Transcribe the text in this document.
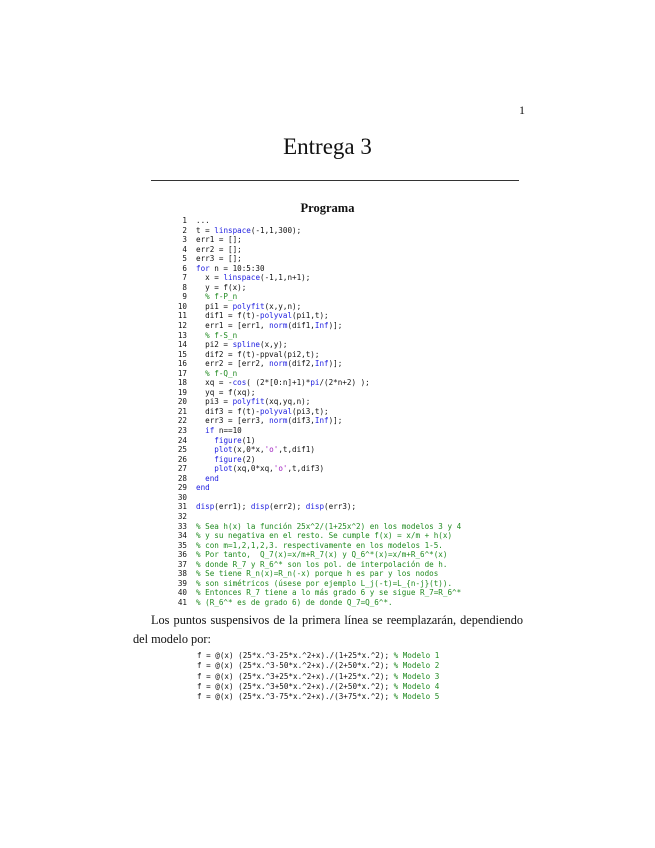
1
Entrega 3
Programa
1 ...
2 t = linspace(-1,1,300);
3 err1 = [];
4 err2 = [];
5 err3 = [];
6 for n = 10:5:30
7  x = linspace(-1,1,n+1);
8  y = f(x);
9  % f-P_n
10  pi1 = polyfit(x,y,n);
11  dif1 = f(t)-polyval(pi1,t);
12  err1 = [err1, norm(dif1,Inf)];
13  % f-S_n
14  pi2 = spline(x,y);
15  dif2 = f(t)-ppval(pi2,t);
16  err2 = [err2, norm(dif2,Inf)];
17  % f-Q_n
18  xq = -cos( (2*[0:n]+1)*pi/(2*n+2) );
19  yq = f(xq);
20  pi3 = polyfit(xq,yq,n);
21  dif3 = f(t)-polyval(pi3,t);
22  err3 = [err3, norm(dif3,Inf)];
23 if n==10
24	figure(1)
25	plot(x,0*x,'o',t,dif1)
26	figure(2)
27	plot(xq,0*xq,'o',t,dif3)
28 end
29 end
30
31 disp(err1); disp(err2); disp(err3);
32
33 % Sea h(x) la función 25x^2/(1+25x^2) en los modelos 3 y 4
34 % y su negativa en el resto. Se cumple f(x) = x/m + h(x)
35 % con m=1,2,1,2,3. respectivamente en los modelos 1-5.
36 % Por tanto,  Q_7(x)=x/m+R_7(x) y Q_6^*(x)=x/m+R_6^*(x)
37 % donde R_7 y R_6^* son los pol. de interpolación de h.
38 % Se tiene R_n(x)=R_n(-x) porque h es par y los nodos
39 % son simétricos (úsese por ejemplo L_j(-t)=L_{n-j}(t)).
40 % Entonces R_7 tiene a lo más grado 6 y se sigue R_7=R_6^*
41 % (R_6^* es de grado 6) de donde Q_7=Q_6^*.
Los puntos suspensivos de la primera línea se reemplazarán, dependiendo del modelo por:
f = @(x) (25*x.^3-25*x.^2+x)./(1+25*x.^2); % Modelo 1
f = @(x) (25*x.^3-50*x.^2+x)./(2+50*x.^2); % Modelo 2
f = @(x) (25*x.^3+25*x.^2+x)./(1+25*x.^2); % Modelo 3
f = @(x) (25*x.^3+50*x.^2+x)./(2+50*x.^2); % Modelo 4
f = @(x) (25*x.^3-75*x.^2+x)./(3+75*x.^2); % Modelo 5
